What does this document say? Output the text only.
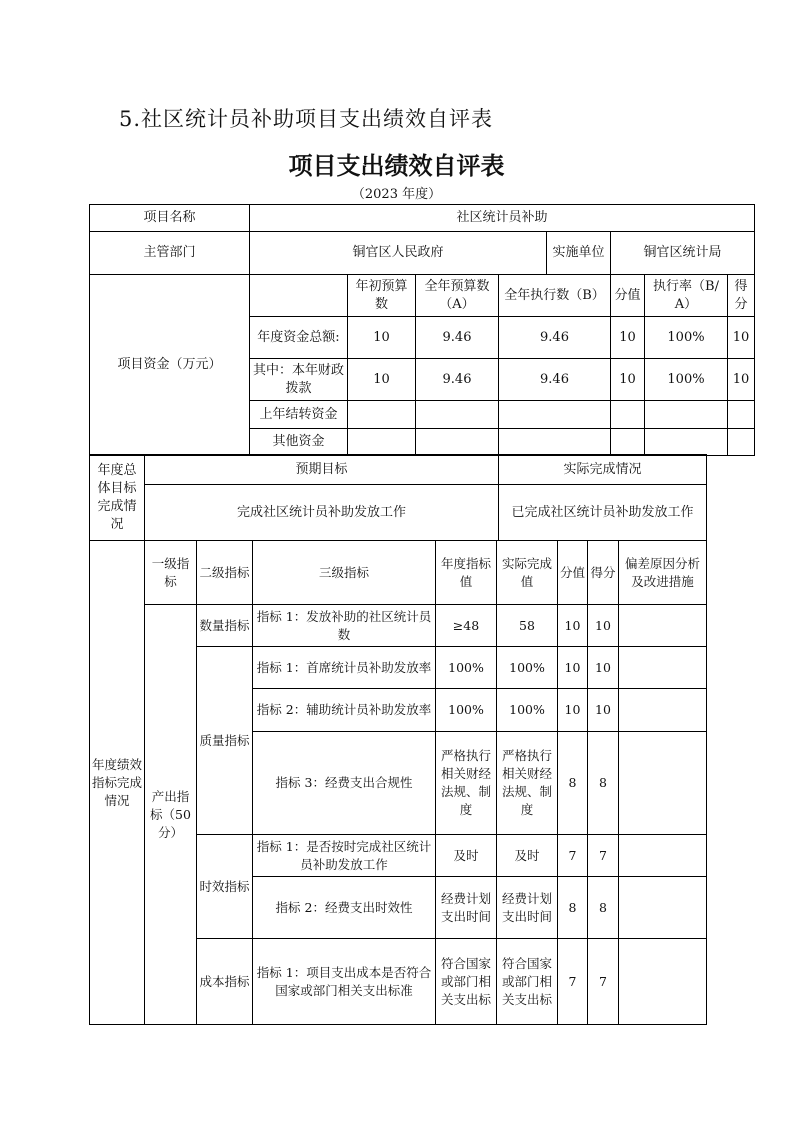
5.社区统计员补助项目支出绩效自评表
项目支出绩效自评表
（2023 年度）
项目名称	社区统计员补助							
主管部门	铜官区人民政府				实施单位	铜官区统计局		
项目资金（万元）		年初预算数	全年预算数（A）	全年执行数（B）		分值	执行率（B/A）	得分
	年度资金总额:	10	9.46	9.46		10	100%	10
	其中：本年财政拨款	10	9.46	9.46		10	100%	10
	上年结转资金							
	其他资金							
年度总体目标完成情况	预期目标	实际完成情况
	完成社区统计员补助发放工作	已完成社区统计员补助发放工作
年度绩效指标完成情况	一级指标	二级指标	三级指标	年度指标值	实际完成值	分值	得分	偏差原因分析及改进措施
	产出指标（50分）	数量指标	指标 1：发放补助的社区统计员数	≥48	58	10	10	
		质量指标	指标 1：首席统计员补助发放率	100%	100%	10	10	
			指标 2：辅助统计员补助发放率	100%	100%	10	10	
			指标 3：经费支出合规性	严格执行相关财经法规、制度	严格执行相关财经法规、制度	8	8	
		时效指标	指标 1：是否按时完成社区统计员补助发放工作	及时	及时	7	7	
			指标 2：经费支出时效性	经费计划支出时间	经费计划支出时间	8	8	
		成本指标	指标 1：项目支出成本是否符合国家或部门相关支出标准	符合国家或部门相关支出标	符合国家或部门相关支出标	7	7	
